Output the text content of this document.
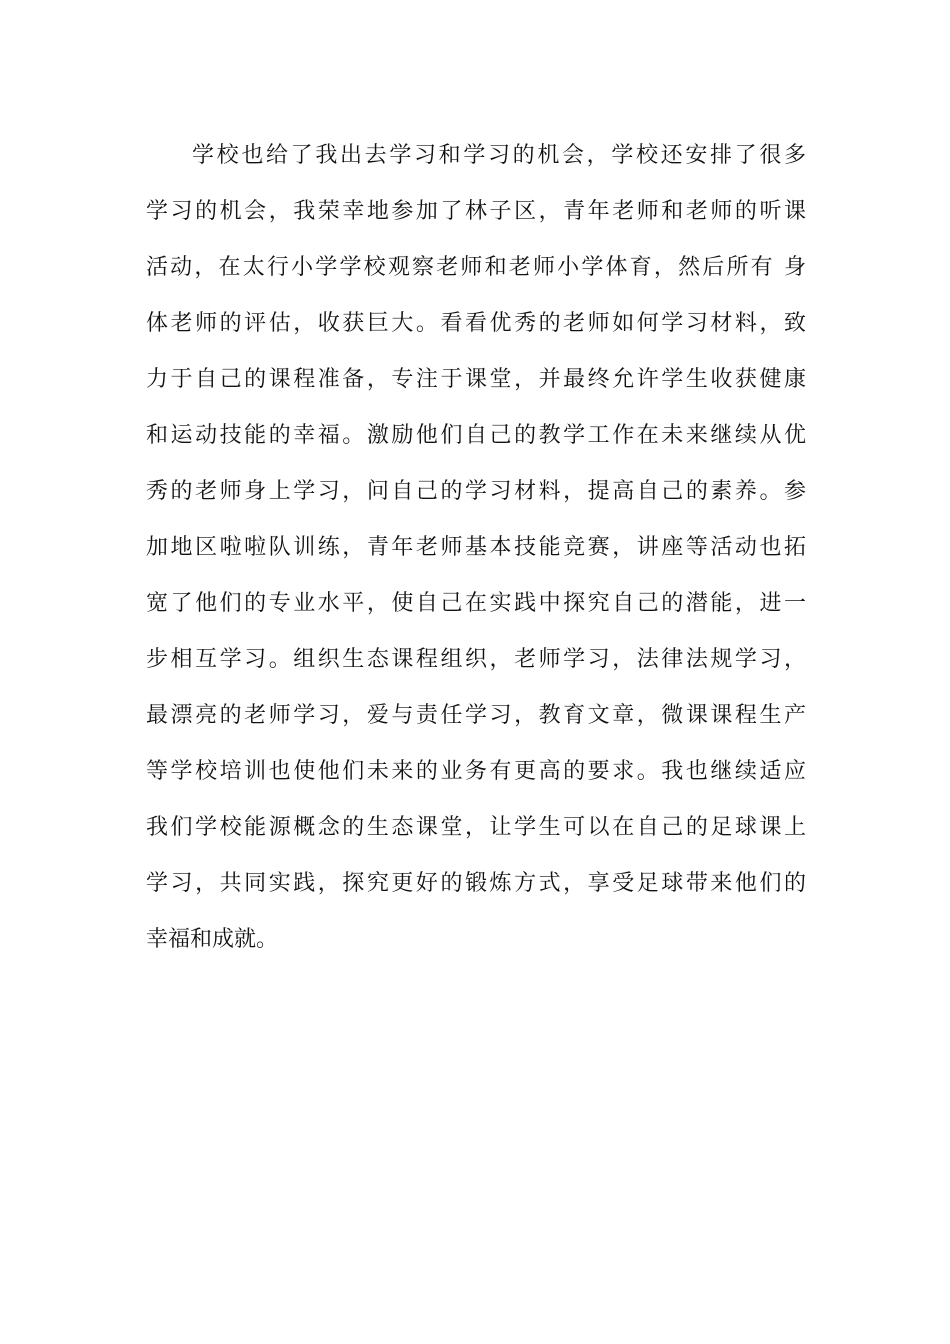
学校也给了我出去学习和学习的机会，学校还安排了很多
学习的机会，我荣幸地参加了林子区，青年老师和老师的听课
活动，在太行小学学校观察老师和老师小学体育，然后所有 身
体老师的评估，收获巨大。看看优秀的老师如何学习材料，致
力于自己的课程准备，专注于课堂，并最终允许学生收获健康
和运动技能的幸福。激励他们自己的教学工作在未来继续从优
秀的老师身上学习，问自己的学习材料，提高自己的素养。参
加地区啦啦队训练，青年老师基本技能竞赛，讲座等活动也拓
宽了他们的专业水平，使自己在实践中探究自己的潜能，进一
步相互学习。组织生态课程组织，老师学习，法律法规学习，
最漂亮的老师学习，爱与责任学习，教育文章，微课课程生产
等学校培训也使他们未来的业务有更高的要求。我也继续适应
我们学校能源概念的生态课堂，让学生可以在自己的足球课上
学习，共同实践，探究更好的锻炼方式，享受足球带来他们的
幸福和成就。
